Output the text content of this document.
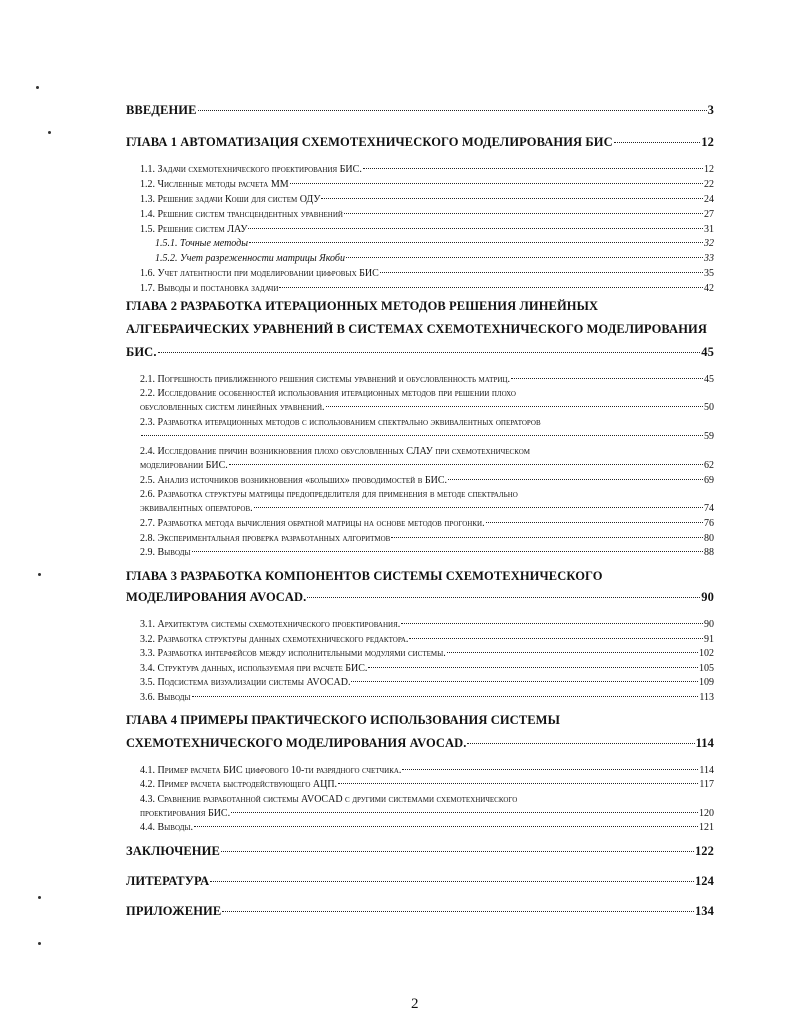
ВВЕДЕНИЕ	3
ГЛАВА 1 АВТОМАТИЗАЦИЯ СХЕМОТЕХНИЧЕСКОГО МОДЕЛИРОВАНИЯ БИС	12
1.1. Задачи схемотехнического проектирования БИС.	12
1.2. Численные методы расчета ММ	22
1.3. Решение задачи Коши для систем ОДУ	24
1.4. Решение систем трансцендентных уравнений	27
1.5. Решение систем ЛАУ	31
1.5.1. Точные методы	32
1.5.2. Учет разреженности матрицы Якоби	33
1.6. Учет латентности при моделировании цифровых БИС	35
1.7. Выводы и постановка задачи	42
ГЛАВА 2 РАЗРАБОТКА ИТЕРАЦИОННЫХ МЕТОДОВ РЕШЕНИЯ ЛИНЕЙНЫХ
АЛГЕБРАИЧЕСКИХ УРАВНЕНИЙ В СИСТЕМАХ СХЕМОТЕХНИЧЕСКОГО МОДЕЛИРОВАНИЯ
БИС.	45
2.1. Погрешность приближенного решения системы уравнений и обусловленность матриц.	45
2.2. Исследование особенностей использования итерационных методов при решении плохо
обусловленных систем линейных уравнений.	50
2.3. Разработка итерационных методов с использованием спектрально эквивалентных операторов
59
2.4. Исследование причин возникновения плохо обусловленных СЛАУ при схемотехническом
моделировании БИС.	62
2.5. Анализ источников возникновения «больших» проводимостей в БИС.	69
2.6. Разработка структуры матрицы предопределителя для применения в методе спектрально
эквивалентных операторов.	74
2.7. Разработка метода вычисления обратной матрицы на основе методов прогонки.	76
2.8. Экспериментальная проверка разработанных алгоритмов	80
2.9. Выводы	88
ГЛАВА 3 РАЗРАБОТКА КОМПОНЕНТОВ СИСТЕМЫ СХЕМОТЕХНИЧЕСКОГО
МОДЕЛИРОВАНИЯ AVOCAD.	90
3.1. Архитектура системы схемотехнического проектирования.	90
3.2. Разработка структуры данных схемотехнического редактора.	91
3.3. Разработка интерфейсов между исполнительными модулями системы.	102
3.4. Структура данных, используемая при расчете БИС.	105
3.5. Подсистема визуализации системы AVOCAD.	109
3.6. Выводы	113
ГЛАВА 4 ПРИМЕРЫ ПРАКТИЧЕСКОГО ИСПОЛЬЗОВАНИЯ СИСТЕМЫ
СХЕМОТЕХНИЧЕСКОГО МОДЕЛИРОВАНИЯ AVOCAD.	114
4.1. Пример расчета БИС цифрового 10-ти разрядного счетчика.	114
4.2. Пример расчета быстродействующего АЦП.	117
4.3. Сравнение разработанной системы AVOCAD с другими системами схемотехнического
проектирования БИС.	120
4.4. Выводы.	121
ЗАКЛЮЧЕНИЕ	122
ЛИТЕРАТУРА	124
ПРИЛОЖЕНИЕ	134
2
